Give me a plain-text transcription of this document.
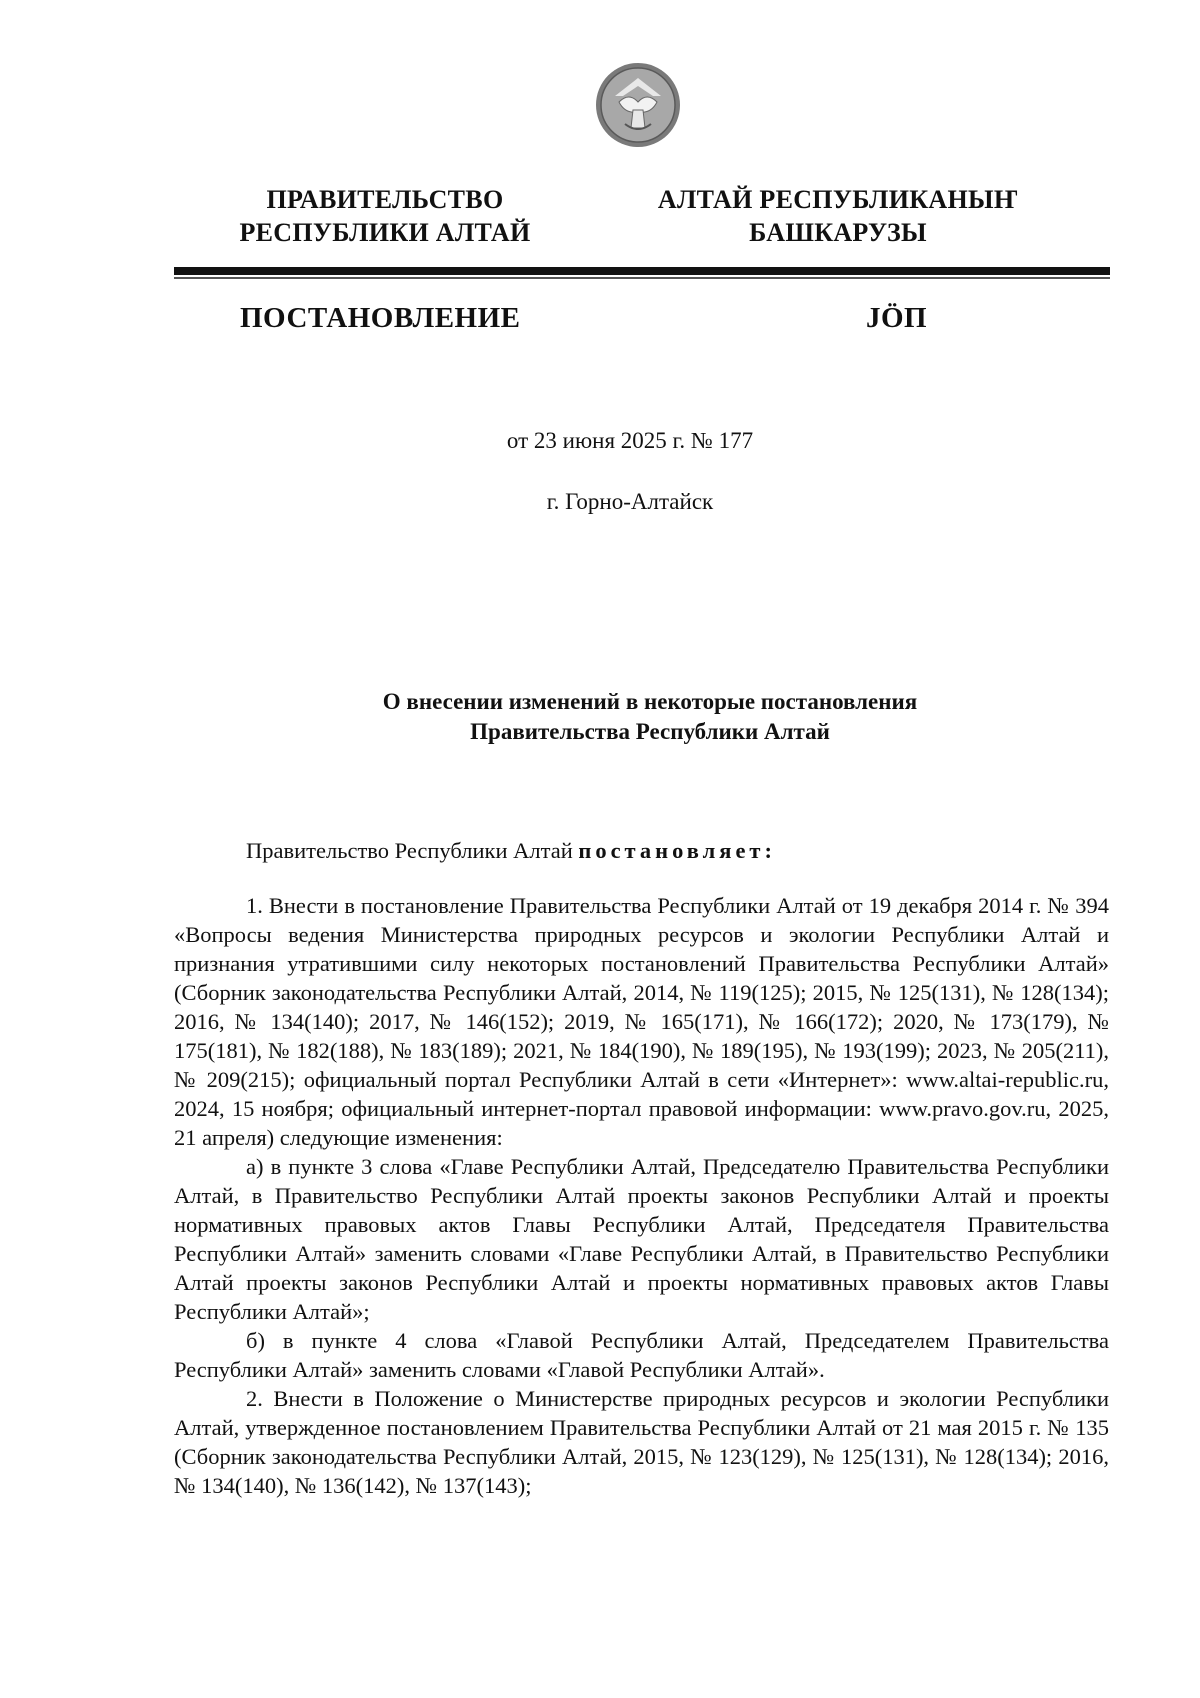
ПРАВИТЕЛЬСТВО
РЕСПУБЛИКИ АЛТАЙ
АЛТАЙ РЕСПУБЛИКАНЫҤ
БАШКАРУЗЫ
ПОСТАНОВЛЕНИЕ	JӦП
от 23 июня 2025 г. № 177
г. Горно-Алтайск
О внесении изменений в некоторые постановления
Правительства Республики Алтай

Правительство Республики Алтай постановляет:

1. Внести в постановление Правительства Республики Алтай от 19 декабря 2014 г. № 394 «Вопросы ведения Министерства природных ресурсов и экологии Республики Алтай и признания утратившими силу некоторых постановлений Правительства Республики Алтай» (Сборник законодательства Республики Алтай, 2014, № 119(125); 2015, № 125(131), № 128(134); 2016, № 134(140); 2017, № 146(152); 2019, № 165(171), № 166(172); 2020, № 173(179), № 175(181), № 182(188), № 183(189); 2021, № 184(190), № 189(195), № 193(199); 2023, № 205(211), № 209(215); официальный портал Республики Алтай в сети «Интернет»: www.altai-republic.ru, 2024, 15 ноября; официальный интернет-портал правовой информации: www.pravo.gov.ru, 2025, 21 апреля) следующие изменения:

а) в пункте 3 слова «Главе Республики Алтай, Председателю Правительства Республики Алтай, в Правительство Республики Алтай проекты законов Республики Алтай и проекты нормативных правовых актов Главы Республики Алтай, Председателя Правительства Республики Алтай» заменить словами «Главе Республики Алтай, в Правительство Республики Алтай проекты законов Республики Алтай и проекты нормативных правовых актов Главы Республики Алтай»;

б) в пункте 4 слова «Главой Республики Алтай, Председателем Правительства Республики Алтай» заменить словами «Главой Республики Алтай».

2. Внести в Положение о Министерстве природных ресурсов и экологии Республики Алтай, утвержденное постановлением Правительства Республики Алтай от 21 мая 2015 г. № 135 (Сборник законодательства Республики Алтай, 2015, № 123(129), № 125(131), № 128(134); 2016, № 134(140), № 136(142), № 137(143);
